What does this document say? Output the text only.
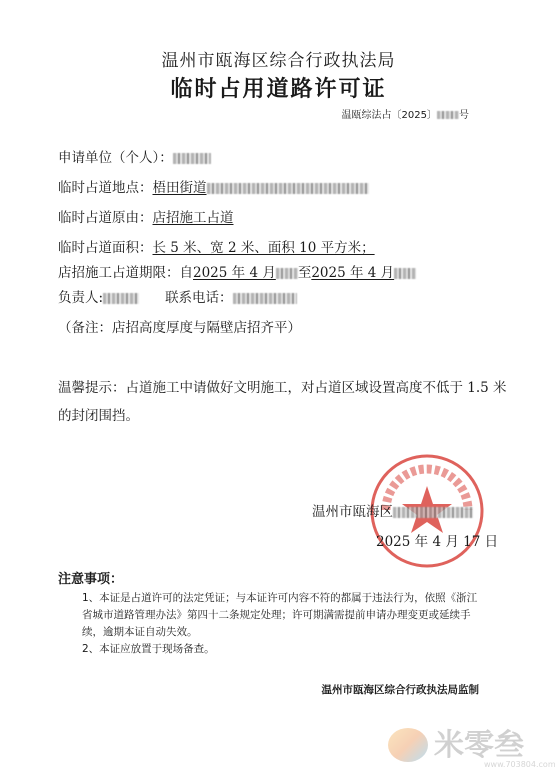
温州市瓯海区综合行政执法局
临时占用道路许可证
温瓯综法占〔2025〕 号
申请单位（个人）：
临时占道地点：梧田街道
临时占道原由：店招施工占道
临时占道面积：长 5 米、宽 2 米、面积 10 平方米；
店招施工占道期限：自2025 年 4 月 至2025 年 4 月
负责人:	联系电话：
（备注：店招高度厚度与隔壁店招齐平）
温馨提示：占道施工中请做好文明施工，对占道区域设置高度不低于 1.5 米的封闭围挡。
温州市瓯海区
2025 年 4 月 17 日
注意事项：

1、本证是占道许可的法定凭证；与本证许可内容不符的都属于违法行为，依照《浙江省城市道路管理办法》第四十二条规定处理；许可期满需提前申请办理变更或延续手续，逾期本证自动失效。

2、本证应放置于现场备查。

温州市瓯海区综合行政执法局监制
米零叁
www.703804.com
